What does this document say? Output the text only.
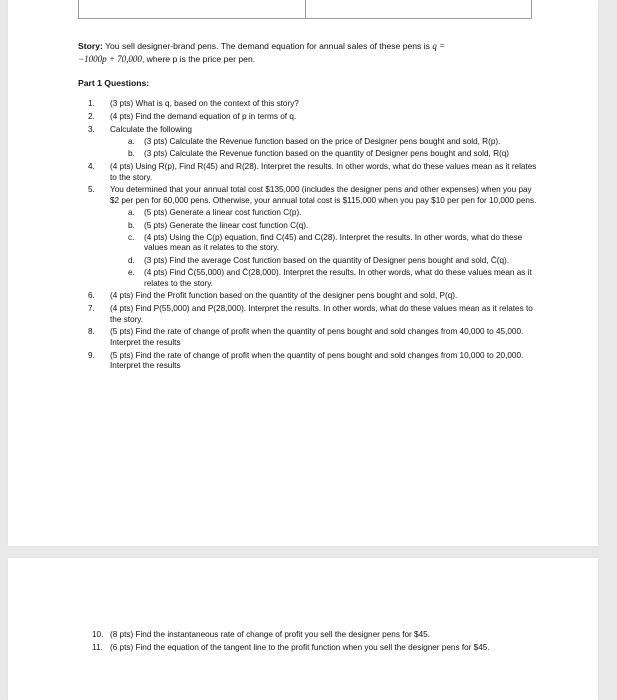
Story: You sell designer-brand pens. The demand equation for annual sales of these pens is q =
−1000p + 70,000, where p is the price per pen.
Part 1 Questions:
1.	(3 pts) What is q, based on the context of this story?
2.	(4 pts) Find the demand equation of p in terms of q.
3.	Calculate the following
a.	(3 pts) Calculate the Revenue function based on the price of Designer pens bought and sold, R(p).
b.	(3 pts) Calculate the Revenue function based on the quantity of Designer pens bought and sold, R(q)
4.	(4 pts) Using R(p), Find R(45) and R(28). Interpret the results. In other words, what do these values mean as it relates to the story.
5.	You determined that your annual total cost $135,000 (includes the designer pens and other expenses) when you pay $2 per pen for 60,000 pens. Otherwise, your annual total cost is $115,000 when you pay $10 per pen for 10,000 pens.
a.	(5 pts) Generate a linear cost function C(p).
b.	(5 pts) Generate the linear cost function C(q).
c.	(4 pts) Using the C(p) equation, find C(45) and C(28). Interpret the results. In other words, what do these values mean as it relates to the story.
d.	(3 pts) Find the average Cost function based on the quantity of Designer pens bought and sold, C̄(q).
e.	(4 pts) Find C̄(55,000) and C̄(28,000). Interpret the results. In other words, what do these values mean as it relates to the story.
6.	(4 pts) Find the Profit function based on the quantity of the designer pens bought and sold, P(q).
7.	(4 pts) Find P(55,000) and P(28,000). Interpret the results. In other words, what do these values mean as it relates to the story.
8.	(5 pts) Find the rate of change of profit when the quantity of pens bought and sold changes from 40,000 to 45,000. Interpret the results
9.	(5 pts) Find the rate of change of profit when the quantity of pens bought and sold changes from 10,000 to 20,000. Interpret the results
10. (8 pts) Find the instantaneous rate of change of profit you sell the designer pens for $45.
11. (6 pts) Find the equation of the tangent line to the profit function when you sell the designer pens for $45.
